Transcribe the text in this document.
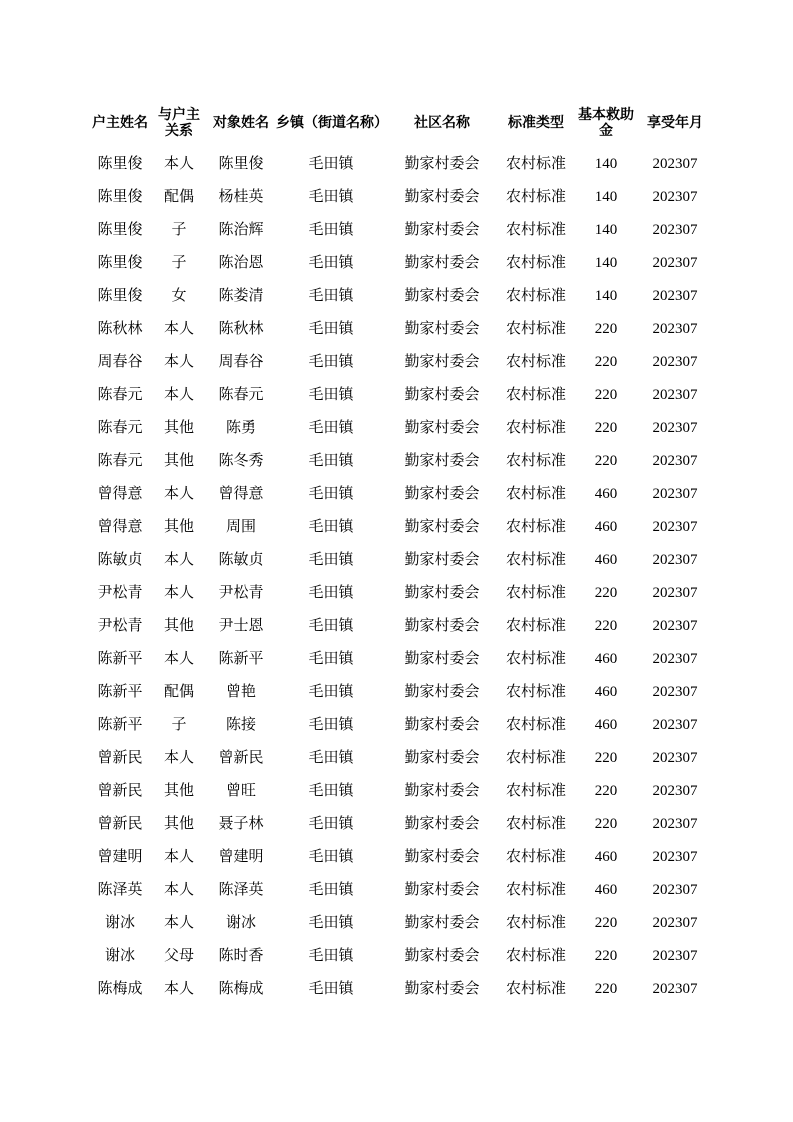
户主姓名	与户主关系	对象姓名	乡镇（街道名称）	社区名称	标准类型	基本救助金	享受年月
陈里俊	本人	陈里俊	毛田镇	勤家村委会	农村标准	140	202307
陈里俊	配偶	杨桂英	毛田镇	勤家村委会	农村标准	140	202307
陈里俊	子	陈治辉	毛田镇	勤家村委会	农村标准	140	202307
陈里俊	子	陈治恩	毛田镇	勤家村委会	农村标准	140	202307
陈里俊	女	陈娄清	毛田镇	勤家村委会	农村标准	140	202307
陈秋林	本人	陈秋林	毛田镇	勤家村委会	农村标准	220	202307
周春谷	本人	周春谷	毛田镇	勤家村委会	农村标准	220	202307
陈春元	本人	陈春元	毛田镇	勤家村委会	农村标准	220	202307
陈春元	其他	陈勇	毛田镇	勤家村委会	农村标准	220	202307
陈春元	其他	陈冬秀	毛田镇	勤家村委会	农村标准	220	202307
曾得意	本人	曾得意	毛田镇	勤家村委会	农村标准	460	202307
曾得意	其他	周围	毛田镇	勤家村委会	农村标准	460	202307
陈敏贞	本人	陈敏贞	毛田镇	勤家村委会	农村标准	460	202307
尹松青	本人	尹松青	毛田镇	勤家村委会	农村标准	220	202307
尹松青	其他	尹士恩	毛田镇	勤家村委会	农村标准	220	202307
陈新平	本人	陈新平	毛田镇	勤家村委会	农村标准	460	202307
陈新平	配偶	曾艳	毛田镇	勤家村委会	农村标准	460	202307
陈新平	子	陈接	毛田镇	勤家村委会	农村标准	460	202307
曾新民	本人	曾新民	毛田镇	勤家村委会	农村标准	220	202307
曾新民	其他	曾旺	毛田镇	勤家村委会	农村标准	220	202307
曾新民	其他	聂子林	毛田镇	勤家村委会	农村标准	220	202307
曾建明	本人	曾建明	毛田镇	勤家村委会	农村标准	460	202307
陈泽英	本人	陈泽英	毛田镇	勤家村委会	农村标准	460	202307
谢冰	本人	谢冰	毛田镇	勤家村委会	农村标准	220	202307
谢冰	父母	陈时香	毛田镇	勤家村委会	农村标准	220	202307
陈梅成	本人	陈梅成	毛田镇	勤家村委会	农村标准	220	202307
